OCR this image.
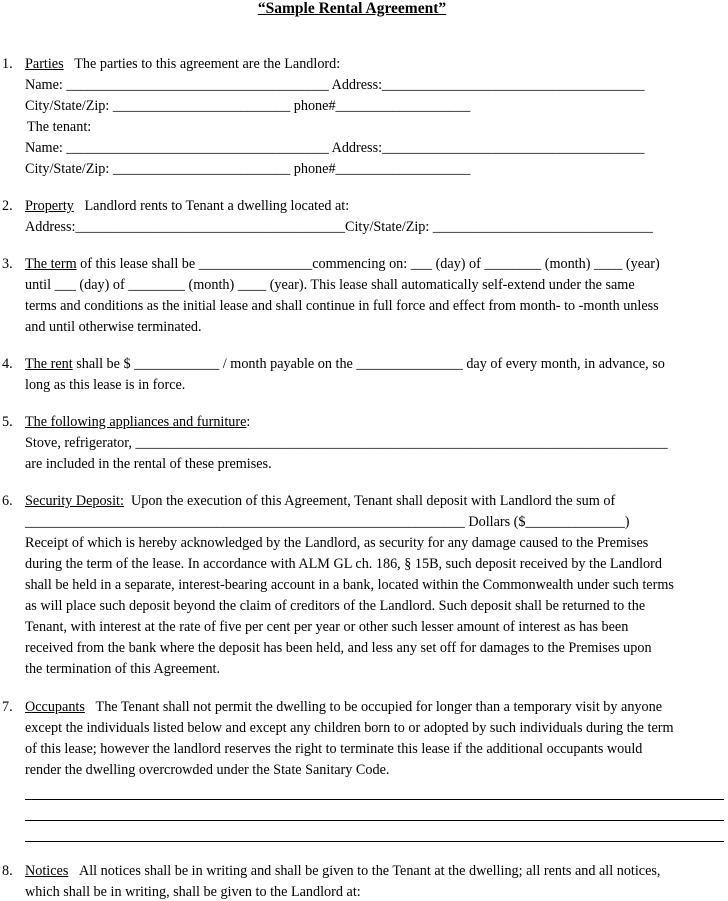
“Sample Rental Agreement”
1. Parties The parties to this agreement are the Landlord:
Name: _____________________________________ Address:_____________________________________
City/State/Zip: _________________________ phone#___________________
The tenant:
Name: _____________________________________ Address:_____________________________________
City/State/Zip: _________________________ phone#___________________
2. Property Landlord rents to Tenant a dwelling located at:
Address:______________________________________City/State/Zip: _______________________________
3. The term of this lease shall be ________________commencing on: ___ (day) of ________ (month) ____ (year)
until ___ (day) of ________ (month) ____ (year). This lease shall automatically self-extend under the same
terms and conditions as the initial lease and shall continue in full force and effect from month- to -month unless
and until otherwise terminated.
4. The rent shall be $ ____________ / month payable on the _______________ day of every month, in advance, so
long as this lease is in force.
5. The following appliances and furniture:
Stove, refrigerator, ___________________________________________________________________________
are included in the rental of these premises.
6. Security Deposit: Upon the execution of this Agreement, Tenant shall deposit with Landlord the sum of
______________________________________________________________ Dollars ($______________)
Receipt of which is hereby acknowledged by the Landlord, as security for any damage caused to the Premises
during the term of the lease. In accordance with ALM GL ch. 186, § 15B, such deposit received by the Landlord
shall be held in a separate, interest-bearing account in a bank, located within the Commonwealth under such terms
as will place such deposit beyond the claim of creditors of the Landlord. Such deposit shall be returned to the
Tenant, with interest at the rate of five per cent per year or other such lesser amount of interest as has been
received from the bank where the deposit has been held, and less any set off for damages to the Premises upon
the termination of this Agreement.
7. Occupants The Tenant shall not permit the dwelling to be occupied for longer than a temporary visit by anyone
except the individuals listed below and except any children born to or adopted by such individuals during the term
of this lease; however the landlord reserves the right to terminate this lease if the additional occupants would
render the dwelling overcrowded under the State Sanitary Code.
8. Notices All notices shall be in writing and shall be given to the Tenant at the dwelling; all rents and all notices,
which shall be in writing, shall be given to the Landlord at:
